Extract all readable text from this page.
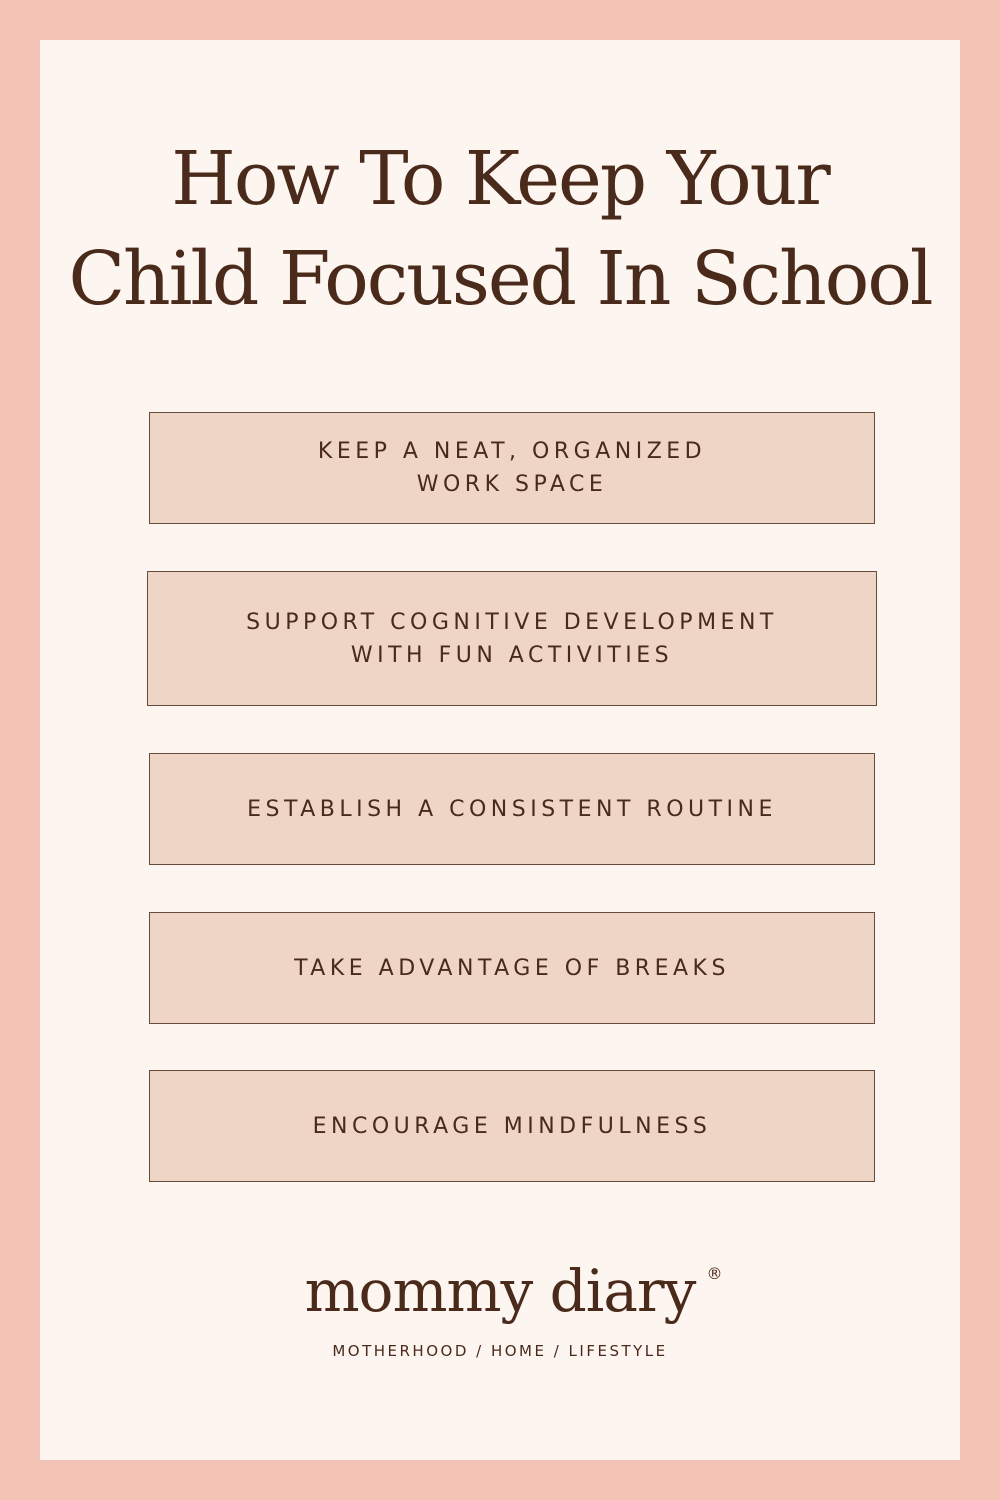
How To Keep Your
Child Focused In School
KEEP A NEAT, ORGANIZED
WORK SPACE
SUPPORT COGNITIVE DEVELOPMENT
WITH FUN ACTIVITIES
ESTABLISH A CONSISTENT ROUTINE
TAKE ADVANTAGE OF BREAKS
ENCOURAGE MINDFULNESS
mommy diary ®
MOTHERHOOD / HOME / LIFESTYLE
